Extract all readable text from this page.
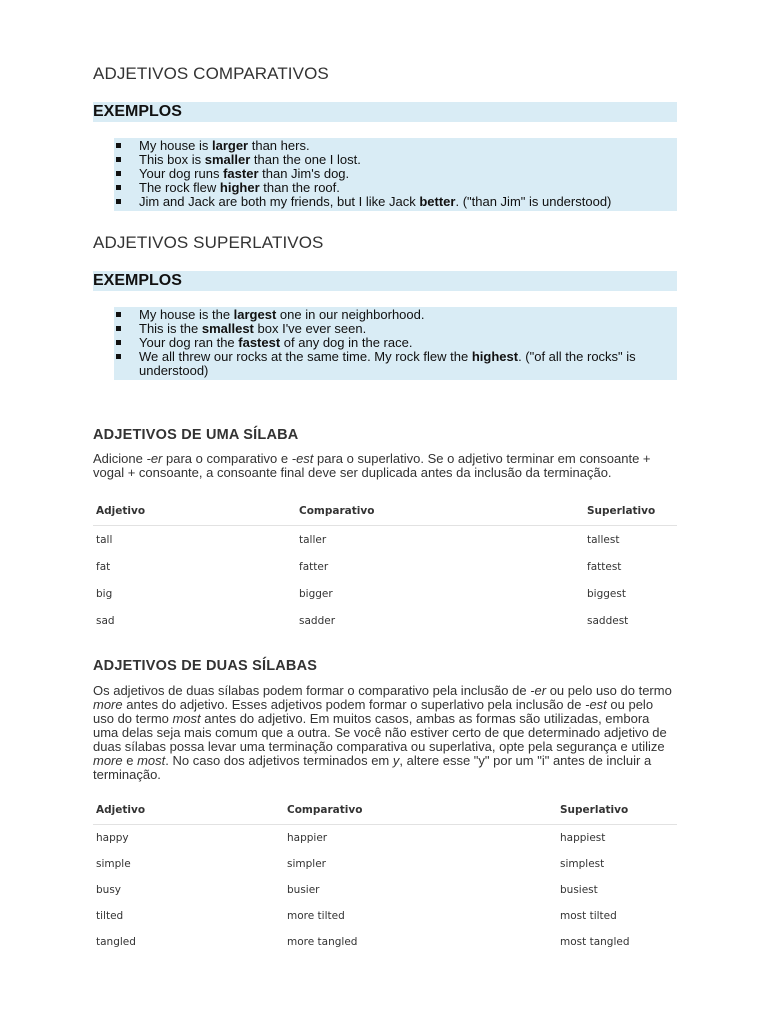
ADJETIVOS COMPARATIVOS
EXEMPLOS
My house is larger than hers.
This box is smaller than the one I lost.
Your dog runs faster than Jim's dog.
The rock flew higher than the roof.
Jim and Jack are both my friends, but I like Jack better. ("than Jim" is understood)
ADJETIVOS SUPERLATIVOS
EXEMPLOS
My house is the largest one in our neighborhood.
This is the smallest box I've ever seen.
Your dog ran the fastest of any dog in the race.
We all threw our rocks at the same time. My rock flew the highest. ("of all the rocks" is understood)
ADJETIVOS DE UMA SÍLABA

Adicione -er para o comparativo e -est para o superlativo. Se o adjetivo terminar em consoante + vogal + consoante, a consoante final deve ser duplicada antes da inclusão da terminação.

Adjetivo	Comparativo	Superlativo
tall	taller	tallest
fat	fatter	fattest
big	bigger	biggest
sad	sadder	saddest
ADJETIVOS DE DUAS SÍLABAS

Os adjetivos de duas sílabas podem formar o comparativo pela inclusão de -er ou pelo uso do termo more antes do adjetivo. Esses adjetivos podem formar o superlativo pela inclusão de -est ou pelo uso do termo most antes do adjetivo. Em muitos casos, ambas as formas são utilizadas, embora uma delas seja mais comum que a outra. Se você não estiver certo de que determinado adjetivo de duas sílabas possa levar uma terminação comparativa ou superlativa, opte pela segurança e utilize more e most. No caso dos adjetivos terminados em y, altere esse "y" por um "i" antes de incluir a terminação.

Adjetivo	Comparativo	Superlativo
happy	happier	happiest
simple	simpler	simplest
busy	busier	busiest
tilted	more tilted	most tilted
tangled	more tangled	most tangled
